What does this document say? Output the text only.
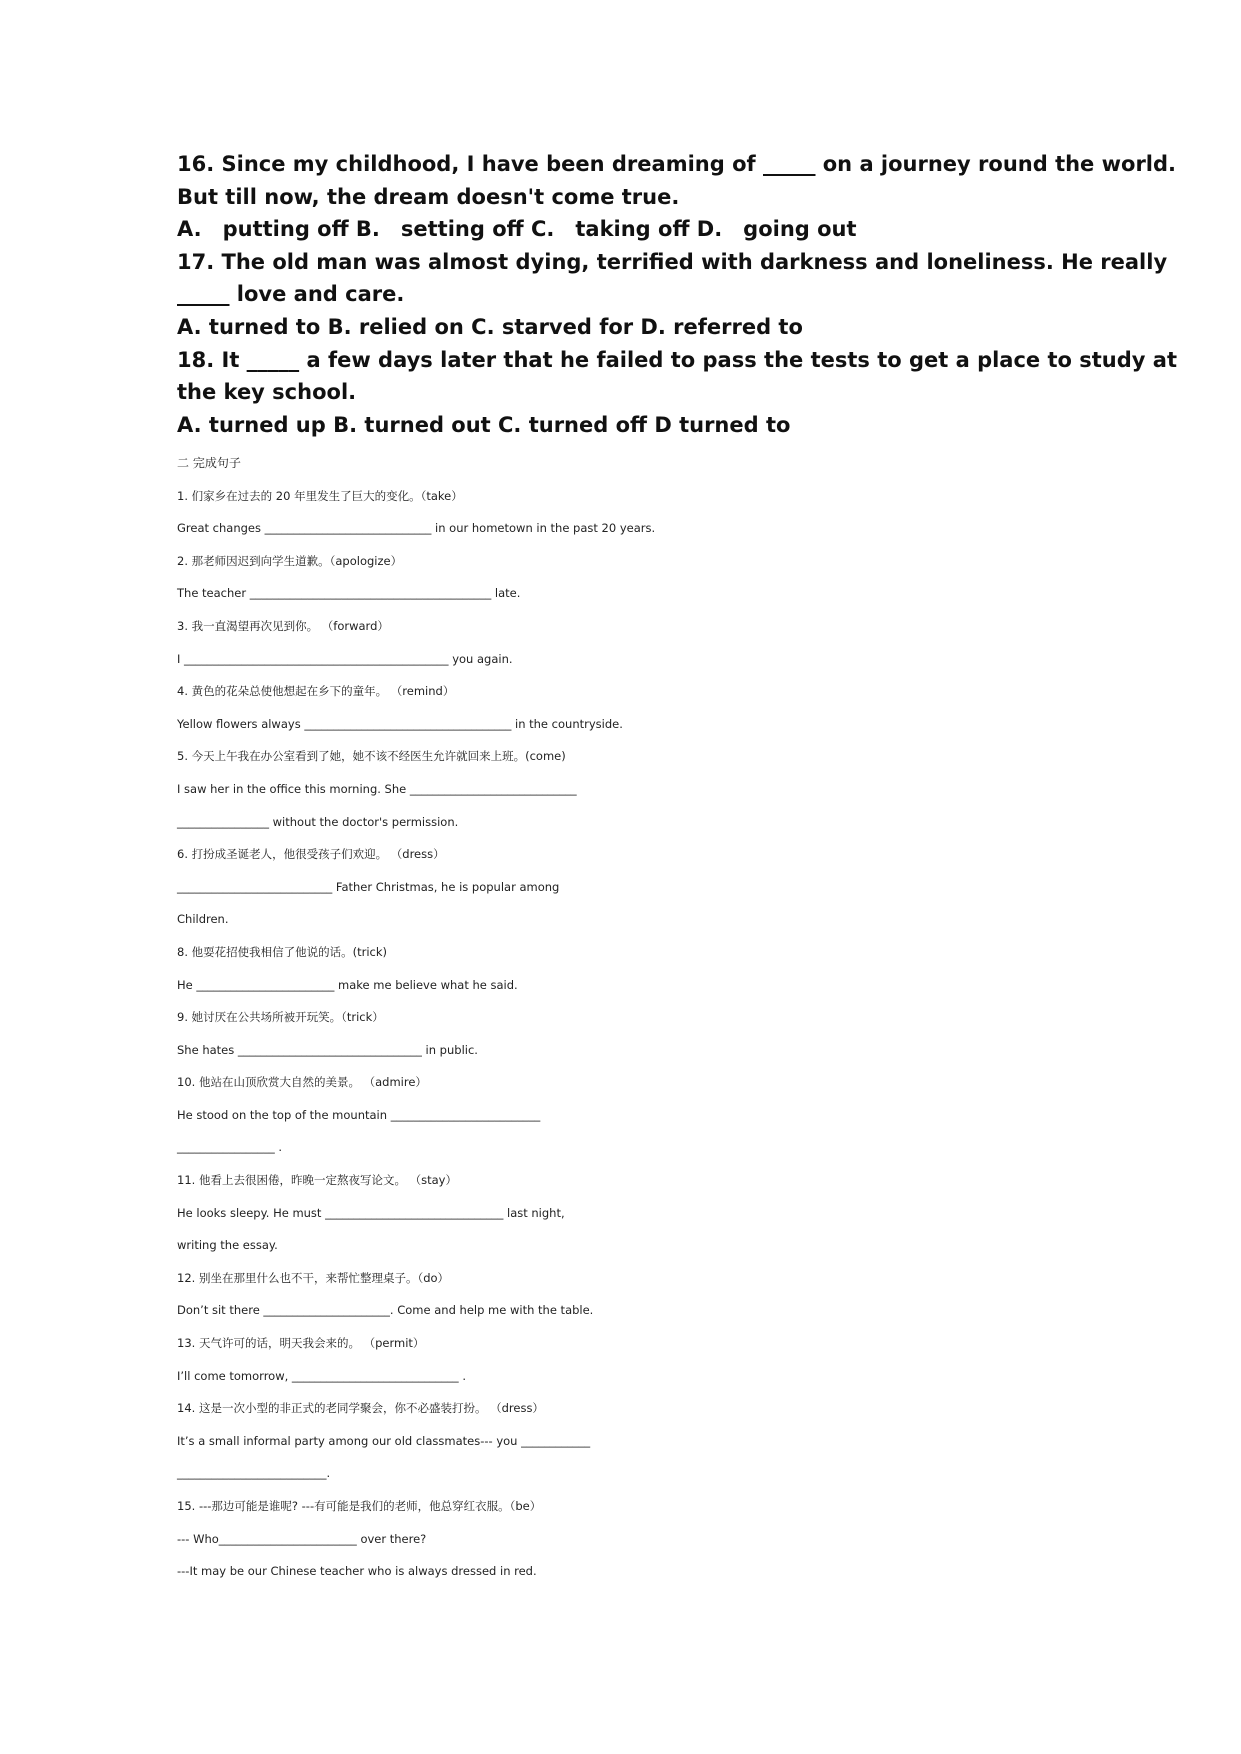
16. Since my childhood, I have been dreaming of _____ on a journey round the world.
But till now, the dream doesn't come true.
A.　putting off B.　setting off C.　taking off D.　going out
17. The old man was almost dying, terrified with darkness and loneliness. He really
_____ love and care.
A. turned to B. relied on C. starved for D. referred to
18. It _____ a few days later that he failed to pass the tests to get a place to study at
the key school.
A. turned up B. turned out C. turned off D turned to
二 完成句子
1. 们家乡在过去的 20 年里发生了巨大的变化。（take）
Great changes _____________________________ in our hometown in the past 20 years.
2. 那老师因迟到向学生道歉。（apologize）
The teacher __________________________________________ late.
3. 我一直渴望再次见到你。 （forward）
I ______________________________________________ you again.
4. 黄色的花朵总使他想起在乡下的童年。 （remind）
Yellow flowers always ____________________________________ in the countryside.
5. 今天上午我在办公室看到了她，她不该不经医生允许就回来上班。(come)
I saw her in the office this morning. She _____________________________
________________ without the doctor's permission.
6. 打扮成圣诞老人，他很受孩子们欢迎。 （dress）
___________________________ Father Christmas, he is popular among
Children.
8. 他耍花招使我相信了他说的话。(trick)
He ________________________ make me believe what he said.
9. 她讨厌在公共场所被开玩笑。（trick）
She hates ________________________________ in public.
10. 他站在山顶欣赏大自然的美景。 （admire）
He stood on the top of the mountain __________________________
_________________ .
11. 他看上去很困倦，昨晚一定熬夜写论文。 （stay）
He looks sleepy. He must _______________________________ last night,
writing the essay.
12. 别坐在那里什么也不干，来帮忙整理桌子。（do）
Don’t sit there ______________________. Come and help me with the table.
13. 天气许可的话，明天我会来的。 （permit）
I’ll come tomorrow, _____________________________ .
14. 这是一次小型的非正式的老同学聚会，你不必盛装打扮。 （dress）
It’s a small informal party among our old classmates--- you ____________
__________________________.
15. ---那边可能是谁呢? ---有可能是我们的老师，他总穿红衣服。（be）
--- Who________________________ over there?
---It may be our Chinese teacher who is always dressed in red.
